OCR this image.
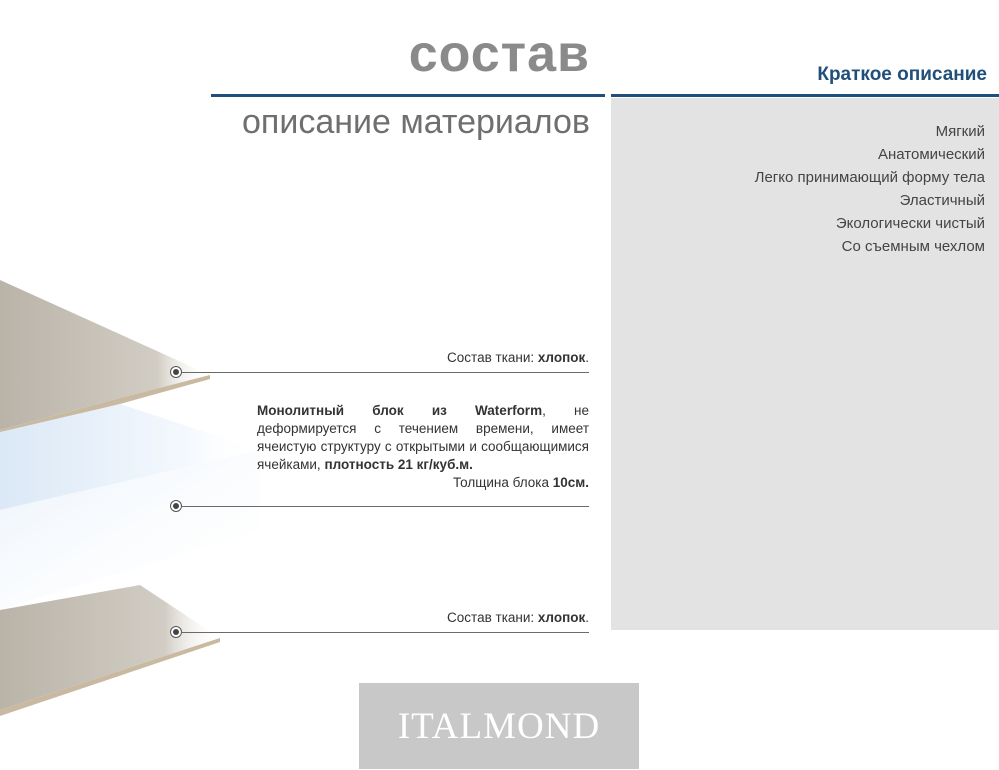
состав
описание материалов
Краткое описание
Мягкий
Анатомический
Легко принимающий форму тела
Эластичный
Экологически чистый
Со съемным чехлом
Состав ткани: хлопок.
Монолитный блок из Waterform, не деформируется с течением времени, имеет ячеистую структуру с открытыми и сообщающимися ячейками, плотность 21 кг/куб.м.
Толщина блока 10см.
Состав ткани: хлопок.
ITALMOND
